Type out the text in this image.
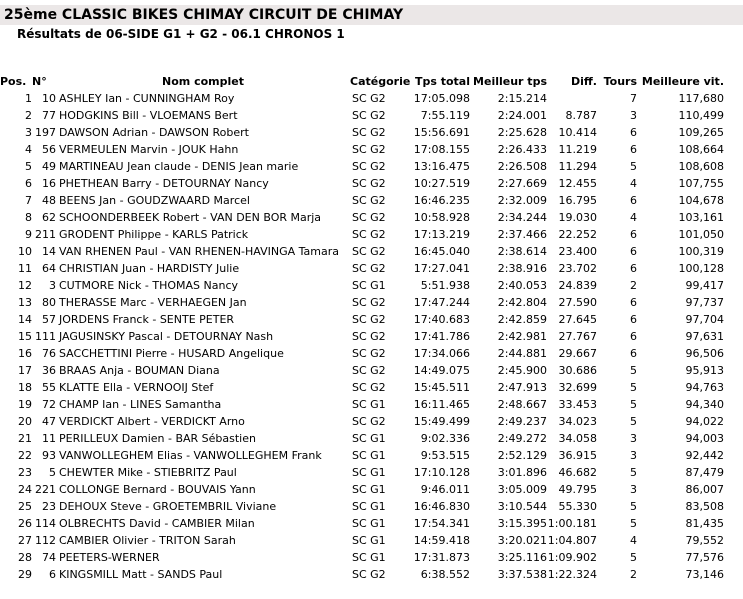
25ème CLASSIC BIKES CHIMAY CIRCUIT DE CHIMAY
Résultats de 06-SIDE G1 + G2 - 06.1 CHRONOS 1
Pos.	N°	Nom complet	Catégorie	Tps total	Meilleur tps	Diff.	Tours	Meilleure vit.
1	10	ASHLEY Ian - CUNNINGHAM Roy	SC G2	17:05.098	2:15.214		7	117,680
2	77	HODGKINS Bill - VLOEMANS Bert	SC G2	7:55.119	2:24.001	8.787	3	110,499
3	197	DAWSON Adrian - DAWSON Robert	SC G2	15:56.691	2:25.628	10.414	6	109,265
4	56	VERMEULEN Marvin - JOUK Hahn	SC G2	17:08.155	2:26.433	11.219	6	108,664
5	49	MARTINEAU Jean claude - DENIS Jean marie	SC G2	13:16.475	2:26.508	11.294	5	108,608
6	16	PHETHEAN Barry - DETOURNAY Nancy	SC G2	10:27.519	2:27.669	12.455	4	107,755
7	48	BEENS Jan - GOUDZWAARD Marcel	SC G2	16:46.235	2:32.009	16.795	6	104,678
8	62	SCHOONDERBEEK Robert - VAN DEN BOR Marja	SC G2	10:58.928	2:34.244	19.030	4	103,161
9	211	GRODENT Philippe - KARLS Patrick	SC G2	17:13.219	2:37.466	22.252	6	101,050
10	14	VAN RHENEN Paul - VAN RHENEN-HAVINGA Tamara	SC G2	16:45.040	2:38.614	23.400	6	100,319
11	64	CHRISTIAN Juan - HARDISTY Julie	SC G2	17:27.041	2:38.916	23.702	6	100,128
12	3	CUTMORE Nick - THOMAS Nancy	SC G1	5:51.938	2:40.053	24.839	2	99,417
13	80	THERASSE Marc - VERHAEGEN Jan	SC G2	17:47.244	2:42.804	27.590	6	97,737
14	57	JORDENS Franck - SENTE PETER	SC G2	17:40.683	2:42.859	27.645	6	97,704
15	111	JAGUSINSKY Pascal - DETOURNAY Nash	SC G2	17:41.786	2:42.981	27.767	6	97,631
16	76	SACCHETTINI Pierre - HUSARD Angelique	SC G2	17:34.066	2:44.881	29.667	6	96,506
17	36	BRAAS Anja - BOUMAN Diana	SC G2	14:49.075	2:45.900	30.686	5	95,913
18	55	KLATTE Ella - VERNOOIJ Stef	SC G2	15:45.511	2:47.913	32.699	5	94,763
19	72	CHAMP Ian - LINES Samantha	SC G1	16:11.465	2:48.667	33.453	5	94,340
20	47	VERDICKT Albert - VERDICKT Arno	SC G2	15:49.499	2:49.237	34.023	5	94,022
21	11	PERILLEUX Damien - BAR Sébastien	SC G1	9:02.336	2:49.272	34.058	3	94,003
22	93	VANWOLLEGHEM Elias - VANWOLLEGHEM Frank	SC G1	9:53.515	2:52.129	36.915	3	92,442
23	5	CHEWTER Mike - STIEBRITZ Paul	SC G1	17:10.128	3:01.896	46.682	5	87,479
24	221	COLLONGE Bernard - BOUVAIS Yann	SC G1	9:46.011	3:05.009	49.795	3	86,007
25	23	DEHOUX Steve - GROETEMBRIL Viviane	SC G1	16:46.830	3:10.544	55.330	5	83,508
26	114	OLBRECHTS David - CAMBIER Milan	SC G1	17:54.341	3:15.395	1:00.181	5	81,435
27	112	CAMBIER Olivier - TRITON Sarah	SC G1	14:59.418	3:20.021	1:04.807	4	79,552
28	74	PEETERS-WERNER	SC G1	17:31.873	3:25.116	1:09.902	5	77,576
29	6	KINGSMILL Matt - SANDS Paul	SC G2	6:38.552	3:37.538	1:22.324	2	73,146
